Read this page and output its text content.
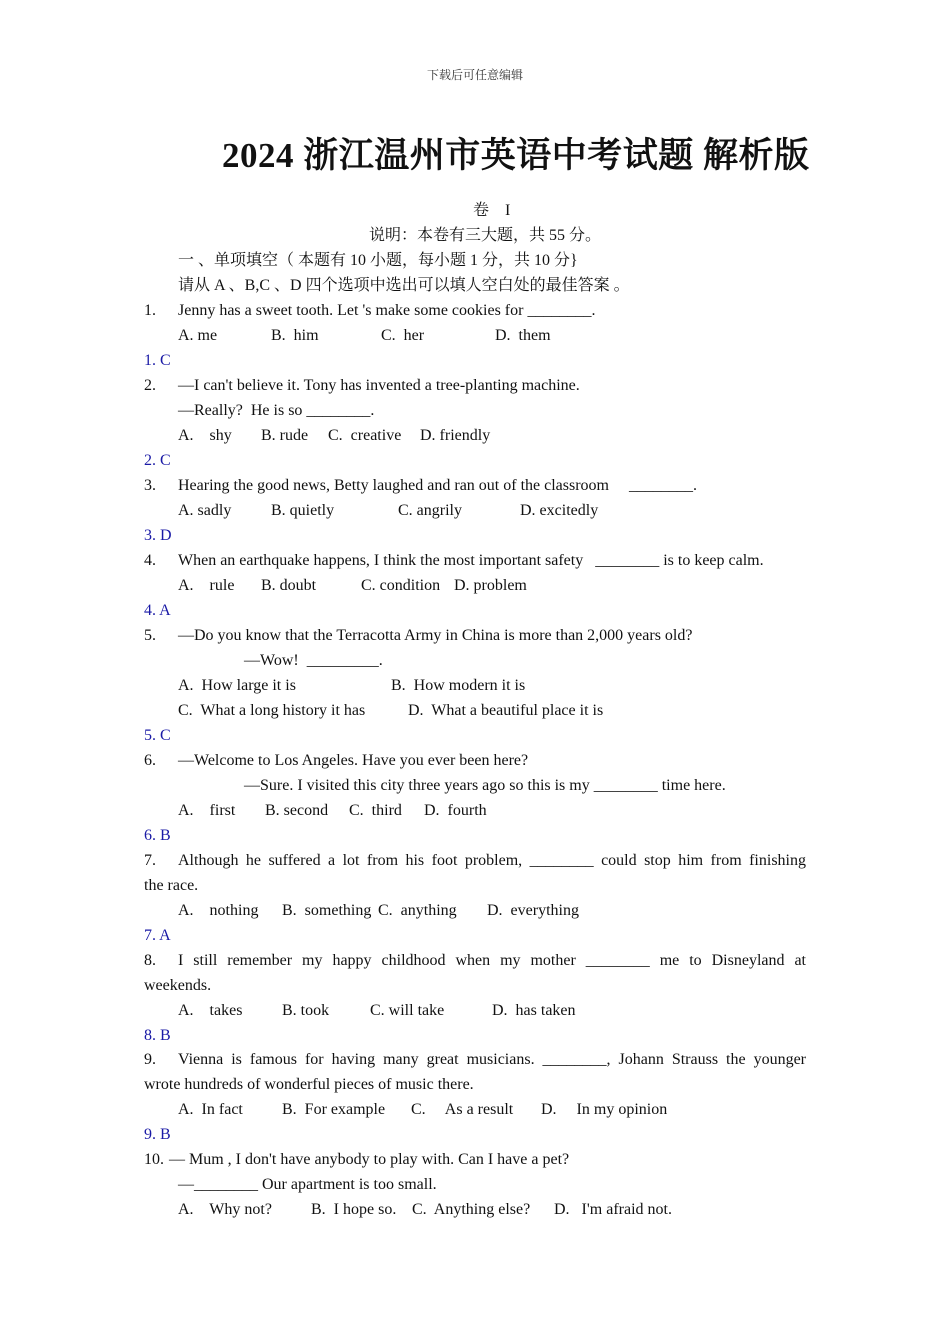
下载后可任意编辑
2024 浙江温州市英语中考试题 解析版
卷    I
说明：本卷有三大题，共 55 分。
一 、单项填空（ 本题有 10 小题，每小题 1 分，共 10 分}
请从 A 、B,C 、D 四个选项中选出可以填人空白处的最佳答案 。
1. Jenny has a sweet tooth. Let 's make some cookies for ________.
A. me	B.  him	C.  her	D.  them
1. C
2. —I can't believe it. Tony has invented a tree-planting machine.
—Really?  He is so ________.
A.    shy B. rude C.  creative D. friendly
2. C
3. Hearing the good news, Betty laughed and ran out of the classroom     ________.
A. sadly B. quietly	C. angrily	D. excitedly
3. D
4. When an earthquake happens, I think the most important safety   ________ is to keep calm.
A.    rule B. doubt	C. condition D. problem
4. A
5. —Do you know that the Terracotta Army in China is more than 2,000 years old?
—Wow!  _________.
A.  How large it is	B.  How modern it is
C.  What a long history it has	D.  What a beautiful place it is
5. C
6. —Welcome to Los Angeles. Have you ever been here?
—Sure. I visited this city three years ago so this is my ________ time here.
A.    first B. second C.  third D.  fourth
6. B
7. Although he suffered a lot from his foot problem, ________ could stop him from finishing
the race.
A.    nothing B.  something C.  anything D.  everything
7. A
8. I still remember my happy childhood when my mother ________ me to Disneyland at
weekends.
A.    takes B. took	C. will take	D.  has taken
8. B
9. Vienna is famous for having many great musicians. ________, Johann Strauss the younger
wrote hundreds of wonderful pieces of music there.
A.  In fact B.  For example C.     As a result D.     In my opinion
9. B
10. — Mum , I don't have anybody to play with. Can I have a pet?
—________ Our apartment is too small.
A.    Why not? B.  I hope so. C.  Anything else? D.   I'm afraid not.
